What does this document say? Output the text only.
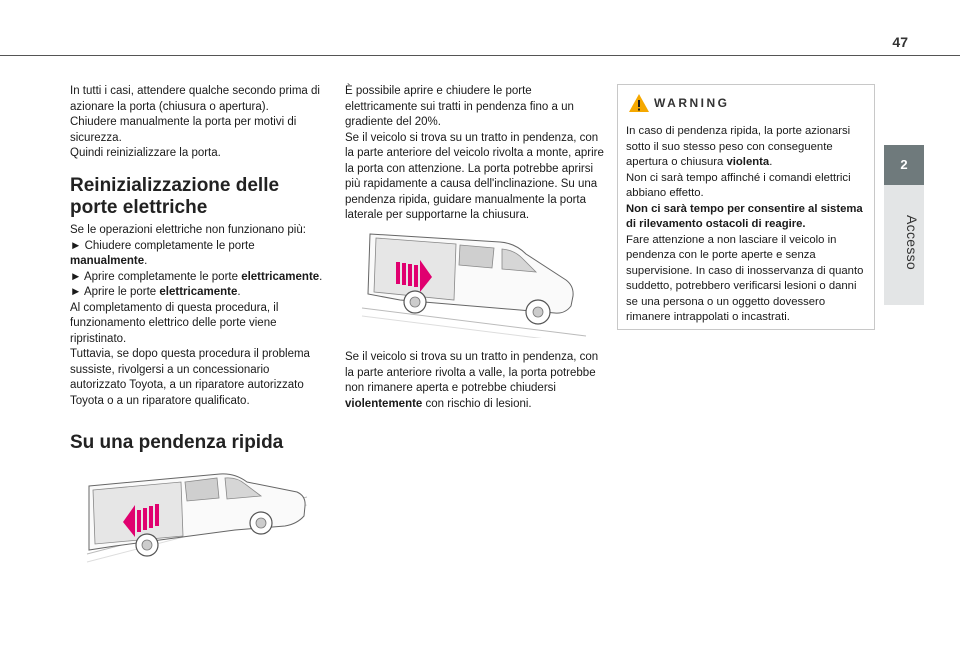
47
2
Accesso

In tutti i casi, attendere qualche secondo prima di azionare la porta (chiusura o apertura).

Chiudere manualmente la porta per motivi di sicurezza.

Quindi reinizializzare la porta.

Reinizializzazione delle porte elettriche

Se le operazioni elettriche non funzionano più:

► Chiudere completamente le porte manualmente.

► Aprire completamente le porte elettricamente.

► Aprire le porte elettricamente.

Al completamento di questa procedura, il funzionamento elettrico delle porte viene ripristinato.

Tuttavia, se dopo questa procedura il problema sussiste, rivolgersi a un concessionario autorizzato Toyota, a un riparatore autorizzato Toyota o a un riparatore qualificato.

Su una pendenza ripida

È possibile aprire e chiudere le porte elettricamente sui tratti in pendenza fino a un gradiente del 20%.

Se il veicolo si trova su un tratto in pendenza, con la parte anteriore del veicolo rivolta a monte, aprire la porta con attenzione. La porta potrebbe aprirsi più rapidamente a causa dell'inclinazione. Su una pendenza ripida, guidare manualmente la porta laterale per supportarne la chiusura.

Se il veicolo si trova su un tratto in pendenza, con la parte anteriore rivolta a valle, la porta potrebbe non rimanere aperta e potrebbe chiudersi violentemente con rischio di lesioni.

WARNING

In caso di pendenza ripida, la porte azionarsi sotto il suo stesso peso con conseguente apertura o chiusura violenta.

Non ci sarà tempo affinché i comandi elettrici abbiano effetto.

Non ci sarà tempo per consentire al sistema di rilevamento ostacoli di reagire.

Fare attenzione a non lasciare il veicolo in pendenza con le porte aperte e senza supervisione. In caso di inosservanza di quanto suddetto, potrebbero verificarsi lesioni o danni se una persona o un oggetto dovessero rimanere intrappolati o incastrati.
